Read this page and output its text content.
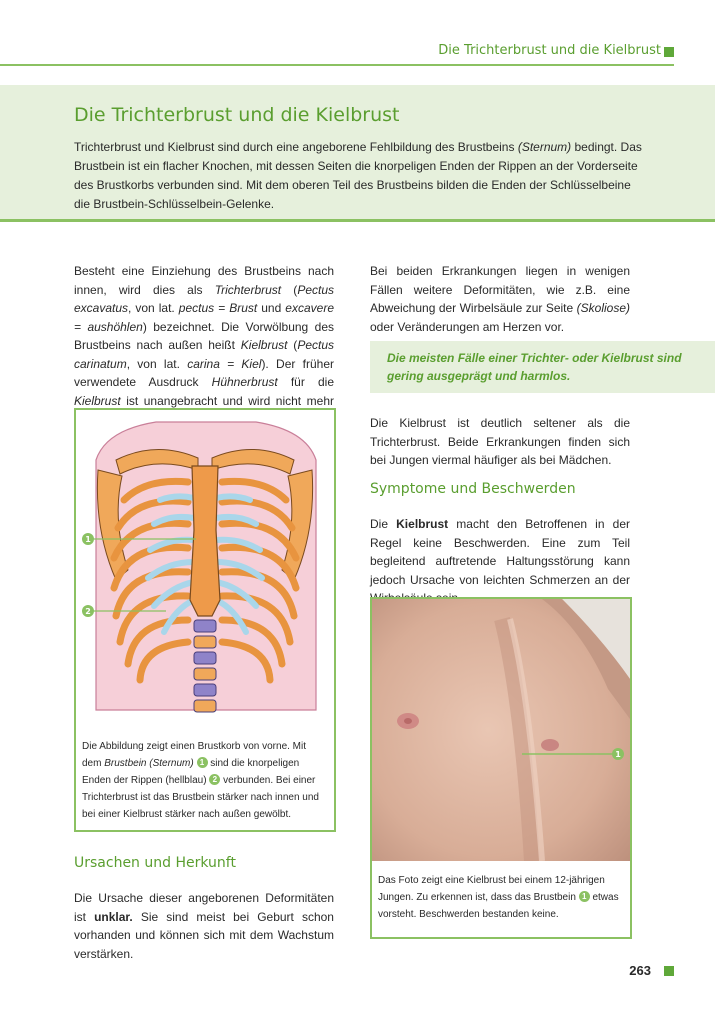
Die Trichterbrust und die Kielbrust
Die Trichterbrust und die Kielbrust

Trichterbrust und Kielbrust sind durch eine angeborene Fehlbildung des Brustbeins (Sternum) bedingt. Das Brustbein ist ein flacher Knochen, mit dessen Seiten die knorpeligen Enden der Rippen an der Vorderseite des Brustkorbs verbunden sind. Mit dem oberen Teil des Brustbeins bilden die Enden der Schlüsselbeine die Brustbein-Schlüsselbein-Gelenke.

Besteht eine Einziehung des Brustbeins nach innen, wird dies als Trichterbrust (Pectus excavatus, von lat. pectus = Brust und excavere = aushöhlen) bezeichnet. Die Vorwölbung des Brustbeins nach außen heißt Kielbrust (Pectus carinatum, von lat. carina = Kiel). Der früher verwendete Ausdruck Hühnerbrust für die Kielbrust ist unangebracht und wird nicht mehr

1
2

Die Abbildung zeigt einen Brustkorb von vorne. Mit dem Brustbein (Sternum) 1 sind die knorpeligen Enden der Rippen (hellblau) 2 verbunden. Bei einer Trichterbrust ist das Brustbein stärker nach innen und bei einer Kielbrust stärker nach außen gewölbt.

Ursachen und Herkunft

Die Ursache dieser angeborenen Deformitäten ist unklar. Sie sind meist bei Geburt schon vorhanden und können sich mit dem Wachstum verstärken.

Bei beiden Erkrankungen liegen in wenigen Fällen weitere Deformitäten, wie z.B. eine Abweichung der Wirbelsäule zur Seite (Skoliose) oder Veränderungen am Herzen vor.

Die meisten Fälle einer Trichter- oder Kielbrust sind gering ausgeprägt und harmlos.

Die Kielbrust ist deutlich seltener als die Trichterbrust. Beide Erkrankungen finden sich bei Jungen viermal häufiger als bei Mädchen.

Symptome und Beschwerden

Die Kielbrust macht den Betroffenen in der Regel keine Beschwerden. Eine zum Teil begleitend auftretende Haltungsstörung kann jedoch Ursache von leichten Schmerzen an der

1

Das Foto zeigt eine Kielbrust bei einem 12-jährigen Jungen. Zu erkennen ist, dass das Brustbein 1 etwas vorsteht. Beschwerden bestanden keine.

263
